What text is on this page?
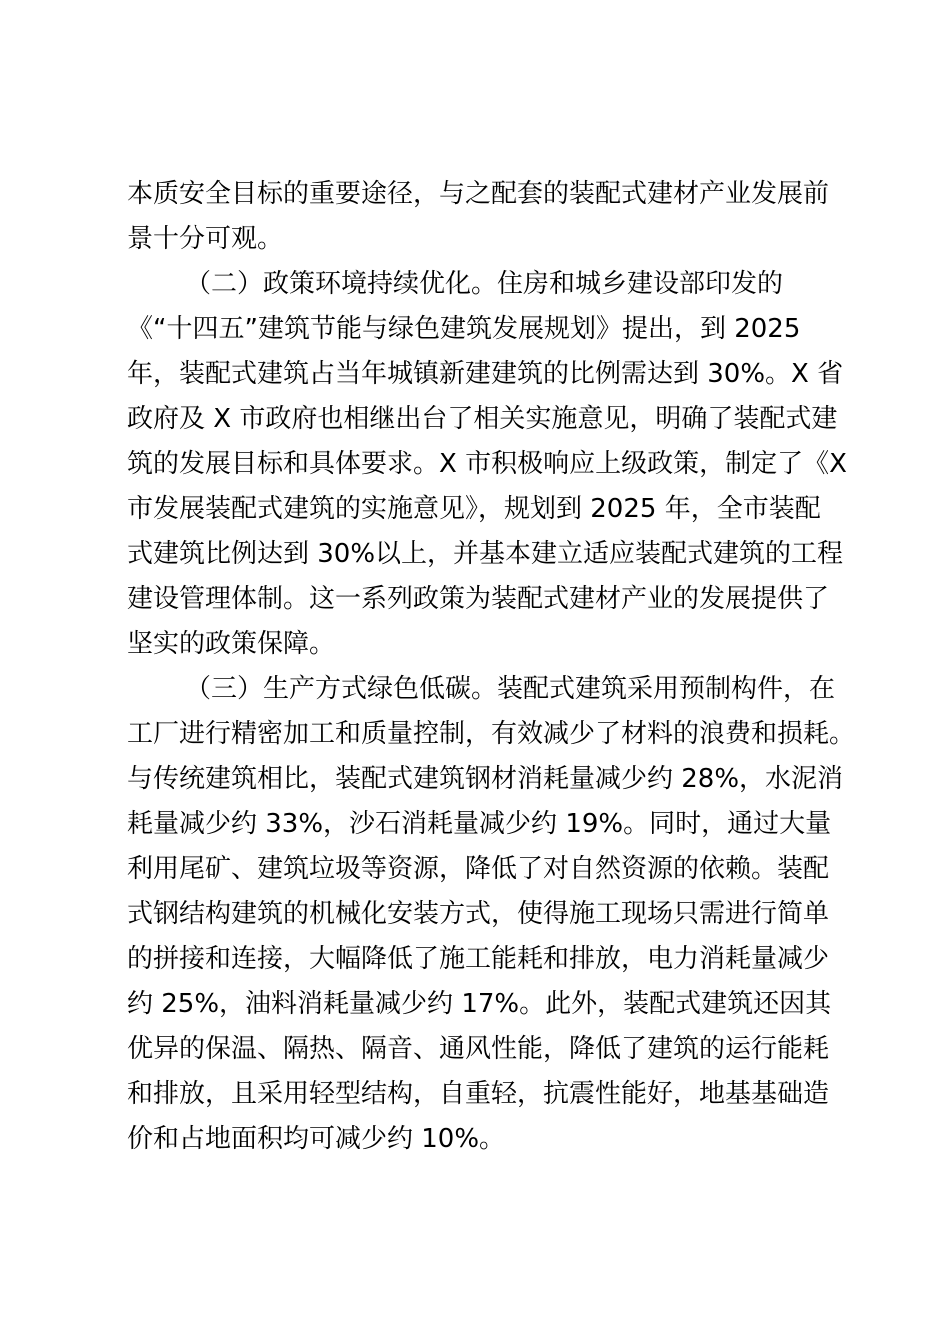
本质安全目标的重要途径，与之配套的装配式建材产业发展前
景十分可观。
（二）政策环境持续优化。住房和城乡建设部印发的
《“十四五”建筑节能与绿色建筑发展规划》提出，到 2025
年，装配式建筑占当年城镇新建建筑的比例需达到 30%。X 省
政府及 X 市政府也相继出台了相关实施意见，明确了装配式建
筑的发展目标和具体要求。X 市积极响应上级政策，制定了《X
市发展装配式建筑的实施意见》，规划到 2025 年，全市装配
式建筑比例达到 30%以上，并基本建立适应装配式建筑的工程
建设管理体制。这一系列政策为装配式建材产业的发展提供了
坚实的政策保障。
（三）生产方式绿色低碳。装配式建筑采用预制构件，在
工厂进行精密加工和质量控制，有效减少了材料的浪费和损耗。
与传统建筑相比，装配式建筑钢材消耗量减少约 28%，水泥消
耗量减少约 33%，沙石消耗量减少约 19%。同时，通过大量
利用尾矿、建筑垃圾等资源，降低了对自然资源的依赖。装配
式钢结构建筑的机械化安装方式，使得施工现场只需进行简单
的拼接和连接，大幅降低了施工能耗和排放，电力消耗量减少
约 25%，油料消耗量减少约 17%。此外，装配式建筑还因其
优异的保温、隔热、隔音、通风性能，降低了建筑的运行能耗
和排放，且采用轻型结构，自重轻，抗震性能好，地基基础造
价和占地面积均可减少约 10%。
